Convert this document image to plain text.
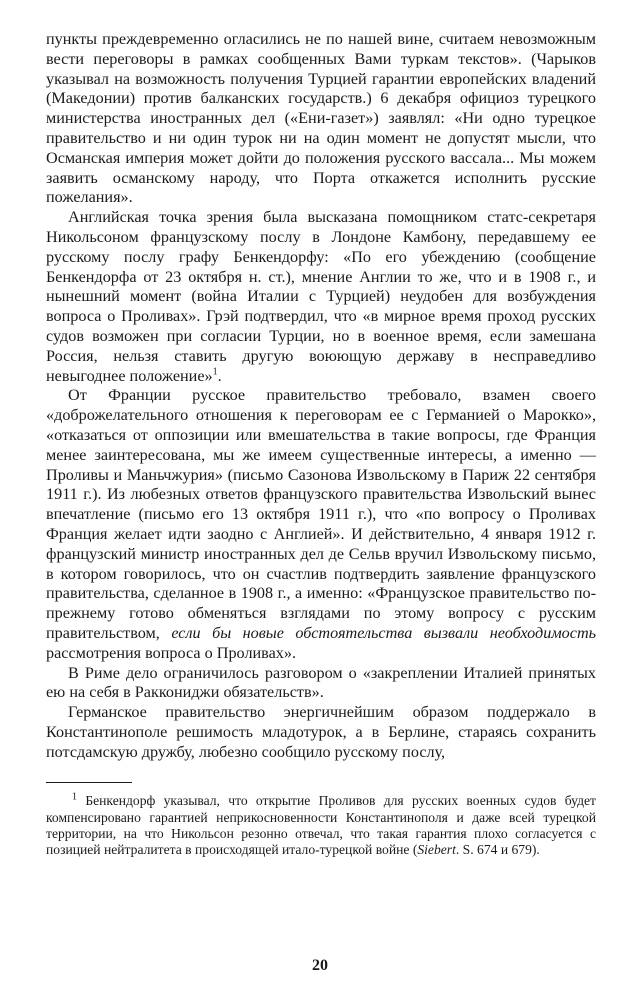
пункты преждевременно огласились не по нашей вине, считаем невозможным вести переговоры в рамках сообщенных Вами туркам текстов». (Чарыков указывал на возможность получения Турцией гарантии европейских владений (Македонии) против балканских государств.) 6 декабря официоз турецкого министерства иностранных дел («Ени-газет») заявлял: «Ни одно турецкое правительство и ни один турок ни на один момент не допустят мысли, что Османская империя может дойти до положения русского вассала... Мы можем заявить османскому народу, что Порта откажется исполнить русские пожелания».

Английская точка зрения была высказана помощником статс-секретаря Никольсоном французскому послу в Лондоне Камбону, передавшему ее русскому послу графу Бенкендорфу: «По его убеждению (сообщение Бенкендорфа от 23 октября н. ст.), мнение Англии то же, что и в 1908 г., и нынешний момент (война Италии с Турцией) неудобен для возбуждения вопроса о Проливах». Грэй подтвердил, что «в мирное время проход русских судов возможен при согласии Турции, но в военное время, если замешана Россия, нельзя ставить другую воюющую державу в несправедливо невыгоднее положение»$^1$.

От Франции русское правительство требовало, взамен своего «доброжелательного отношения к переговорам ее с Германией о Марокко», «отказаться от оппозиции или вмешательства в такие вопросы, где Франция менее заинтересована, мы же имеем существенные интересы, а именно — Проливы и Маньчжурия» (письмо Сазонова Извольскому в Париж 22 сентября 1911 г.). Из любезных ответов французского правительства Извольский вынес впечатление (письмо его 13 октября 1911 г.), что «по вопросу о Проливах Франция желает идти заодно с Англией». И действительно, 4 января 1912 г. французский министр иностранных дел де Сельв вручил Извольскому письмо, в котором говорилось, что он счастлив подтвердить заявление французского правительства, сделанное в 1908 г., а именно: «Французское правительство по-прежнему готово обменяться взглядами по этому вопросу с русским правительством, если бы новые обстоятельства вызвали необходимость рассмотрения вопроса о Проливах».

В Риме дело ограничилось разговором о «закреплении Италией принятых ею на себя в Раккониджи обязательств».

Германское правительство энергичнейшим образом поддержало в Константинополе решимость младотурок, а в Берлине, стараясь сохранить потсдамскую дружбу, любезно сообщило русскому послу,

$^1$ Бенкендорф указывал, что открытие Проливов для русских военных судов будет компенсировано гарантией неприкосновенности Константинополя и даже всей турецкой территории, на что Никольсон резонно отвечал, что такая гарантия плохо согласуется с позицией нейтралитета в происходящей итало-турецкой войне (Siebert. S. 674 и 679).

20
